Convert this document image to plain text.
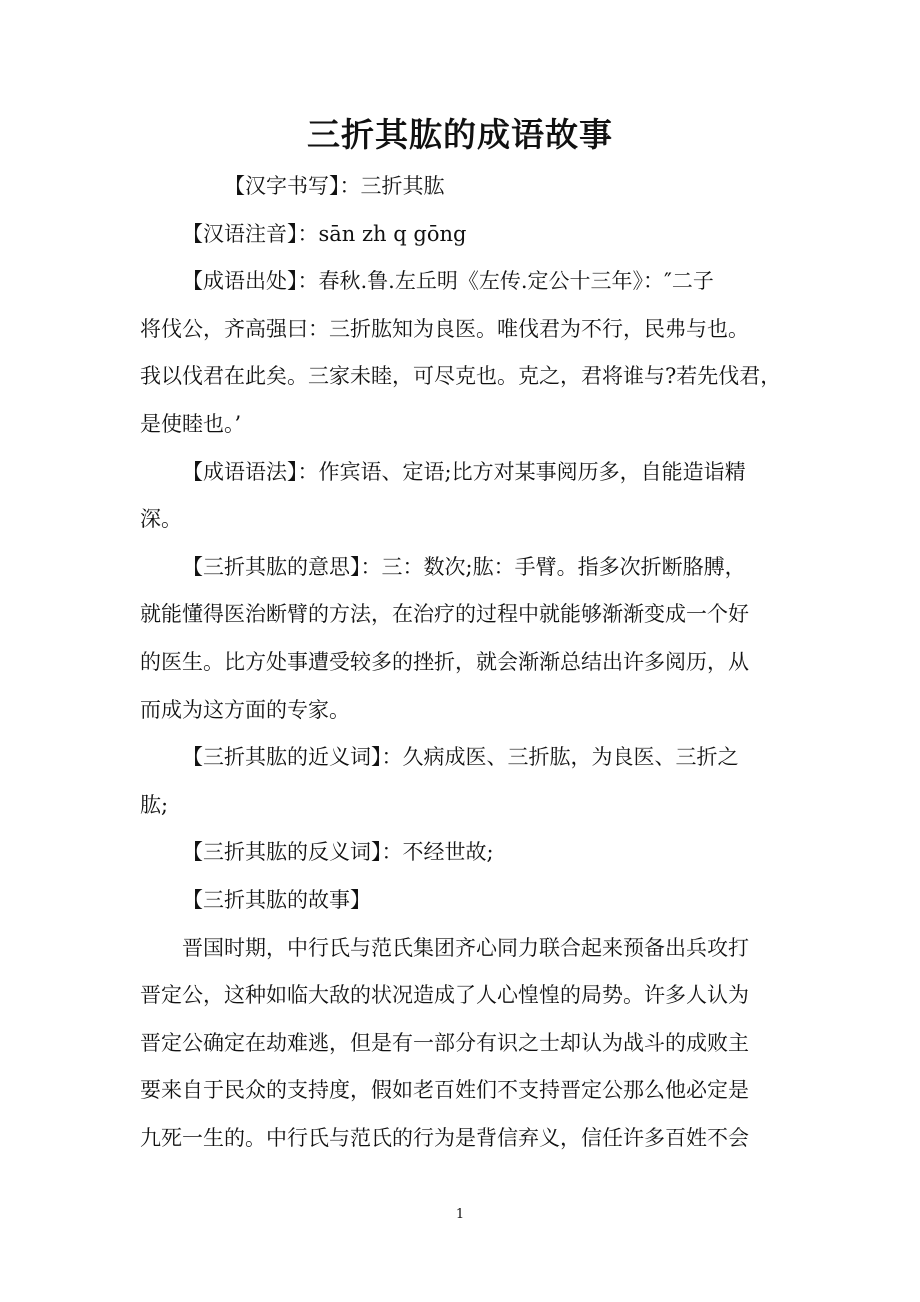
三折其肱的成语故事
【汉字书写】：三折其肱
【汉语注音】：sān zh q gōng
【成语出处】：春秋.鲁.左丘明《左传.定公十三年》：″二子
将伐公，齐高强曰：三折肱知为良医。唯伐君为不行，民弗与也。
我以伐君在此矣。三家未睦，可尽克也。克之，君将谁与?若先伐君，
是使睦也。’
【成语语法】：作宾语、定语;比方对某事阅历多，自能造诣精
深。
【三折其肱的意思】：三：数次;肱：手臂。指多次折断胳膊，
就能懂得医治断臂的方法，在治疗的过程中就能够渐渐变成一个好
的医生。比方处事遭受较多的挫折，就会渐渐总结出许多阅历，从
而成为这方面的专家。
【三折其肱的近义词】：久病成医、三折肱，为良医、三折之
肱;
【三折其肱的反义词】：不经世故;
【三折其肱的故事】
晋国时期，中行氏与范氏集团齐心同力联合起来预备出兵攻打
晋定公，这种如临大敌的状况造成了人心惶惶的局势。许多人认为
晋定公确定在劫难逃，但是有一部分有识之士却认为战斗的成败主
要来自于民众的支持度，假如老百姓们不支持晋定公那么他必定是
九死一生的。中行氏与范氏的行为是背信弃义，信任许多百姓不会
1
